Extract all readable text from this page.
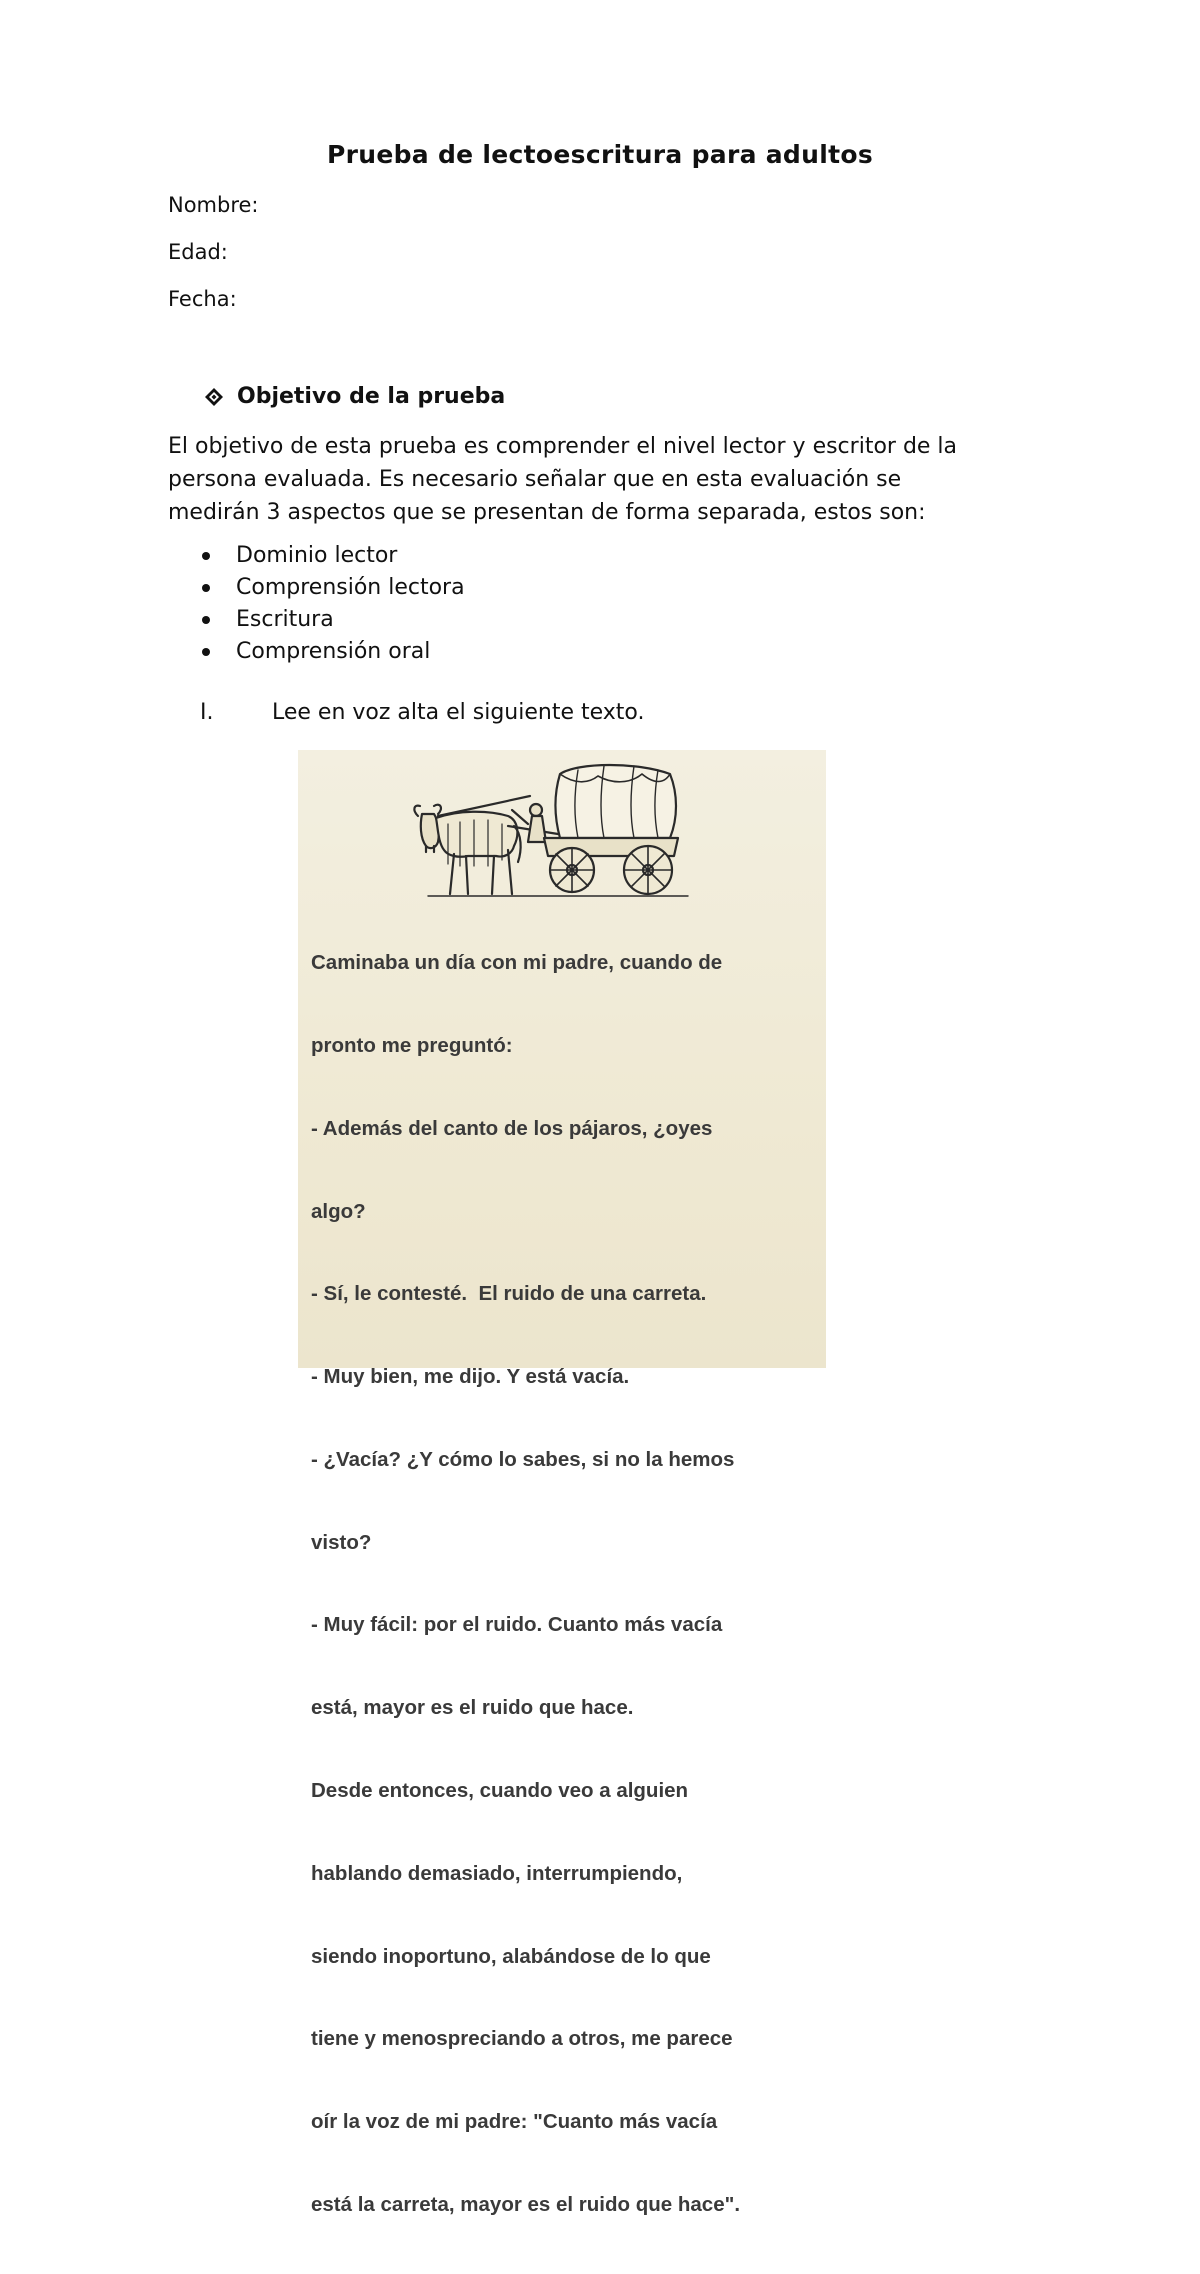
Prueba de lectoescritura para adultos
Nombre:
Edad:
Fecha:
Objetivo de la prueba
El objetivo de esta prueba es comprender el nivel lector y escritor de la
persona evaluada. Es necesario señalar que en esta evaluación se
medirán 3 aspectos que se presentan de forma separada, estos son:
Dominio lector
Comprensión lectora
Escritura
Comprensión oral
I.	Lee en voz alta el siguiente texto.

Caminaba un día con mi padre, cuando de

pronto me preguntó:

- Además del canto de los pájaros, ¿oyes

algo?

- Sí, le contesté.  El ruido de una carreta.

- Muy bien, me dijo. Y está vacía.

- ¿Vacía? ¿Y cómo lo sabes, si no la hemos

visto?

- Muy fácil: por el ruido. Cuanto más vacía

está, mayor es el ruido que hace.

Desde entonces, cuando veo a alguien

hablando demasiado, interrumpiendo,

siendo inoportuno, alabándose de lo que

tiene y menospreciando a otros, me parece

oír la voz de mi padre: "Cuanto más vacía

está la carreta, mayor es el ruido que hace".
